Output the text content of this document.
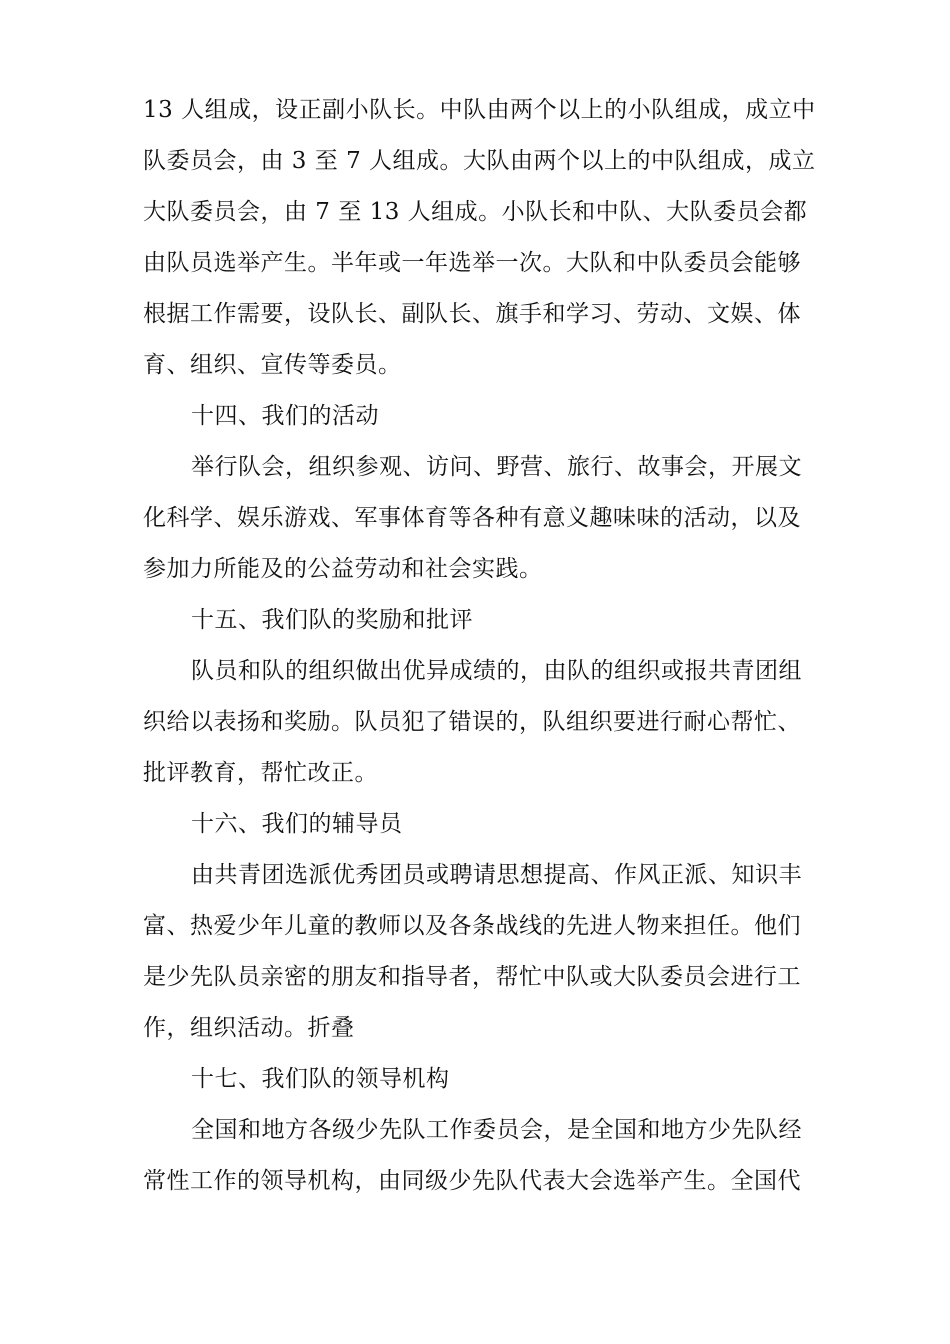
13 人组成，设正副小队长。中队由两个以上的小队组成，成立中
队委员会，由 3 至 7 人组成。大队由两个以上的中队组成，成立
大队委员会，由 7 至 13 人组成。小队长和中队、大队委员会都
由队员选举产生。半年或一年选举一次。大队和中队委员会能够
根据工作需要，设队长、副队长、旗手和学习、劳动、文娱、体
育、组织、宣传等委员。
十四、我们的活动
举行队会，组织参观、访问、野营、旅行、故事会，开展文
化科学、娱乐游戏、军事体育等各种有意义趣味味的活动，以及
参加力所能及的公益劳动和社会实践。
十五、我们队的奖励和批评
队员和队的组织做出优异成绩的，由队的组织或报共青团组
织给以表扬和奖励。队员犯了错误的，队组织要进行耐心帮忙、
批评教育，帮忙改正。
十六、我们的辅导员
由共青团选派优秀团员或聘请思想提高、作风正派、知识丰
富、热爱少年儿童的教师以及各条战线的先进人物来担任。他们
是少先队员亲密的朋友和指导者，帮忙中队或大队委员会进行工
作，组织活动。折叠
十七、我们队的领导机构
全国和地方各级少先队工作委员会，是全国和地方少先队经
常性工作的领导机构，由同级少先队代表大会选举产生。全国代
